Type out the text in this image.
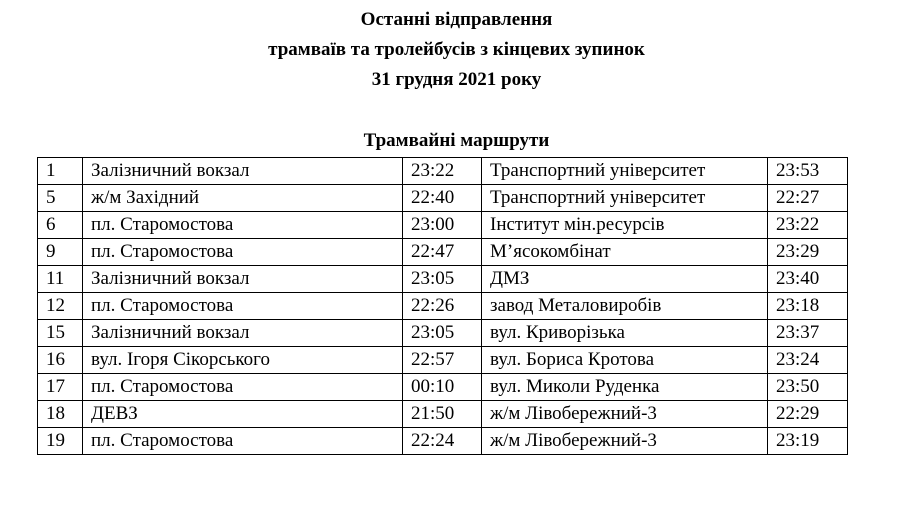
Останні відправлення
трамваїв та тролейбусів з кінцевих зупинок
31 грудня 2021 року
Трамвайні маршрути
1	Залізничний вокзал	23:22	Транспортний університет	23:53
5	ж/м Західний	22:40	Транспортний університет	22:27
6	пл. Старомостова	23:00	Інститут мін.ресурсів	23:22
9	пл. Старомостова	22:47	М’ясокомбінат	23:29
11	Залізничний вокзал	23:05	ДМЗ	23:40
12	пл. Старомостова	22:26	завод Металовиробів	23:18
15	Залізничний вокзал	23:05	вул. Криворізька	23:37
16	вул. Ігоря Сікорського	22:57	вул. Бориса Кротова	23:24
17	пл. Старомостова	00:10	вул. Миколи Руденка	23:50
18	ДЕВЗ	21:50	ж/м Лівобережний-3	22:29
19	пл. Старомостова	22:24	ж/м Лівобережний-3	23:19
